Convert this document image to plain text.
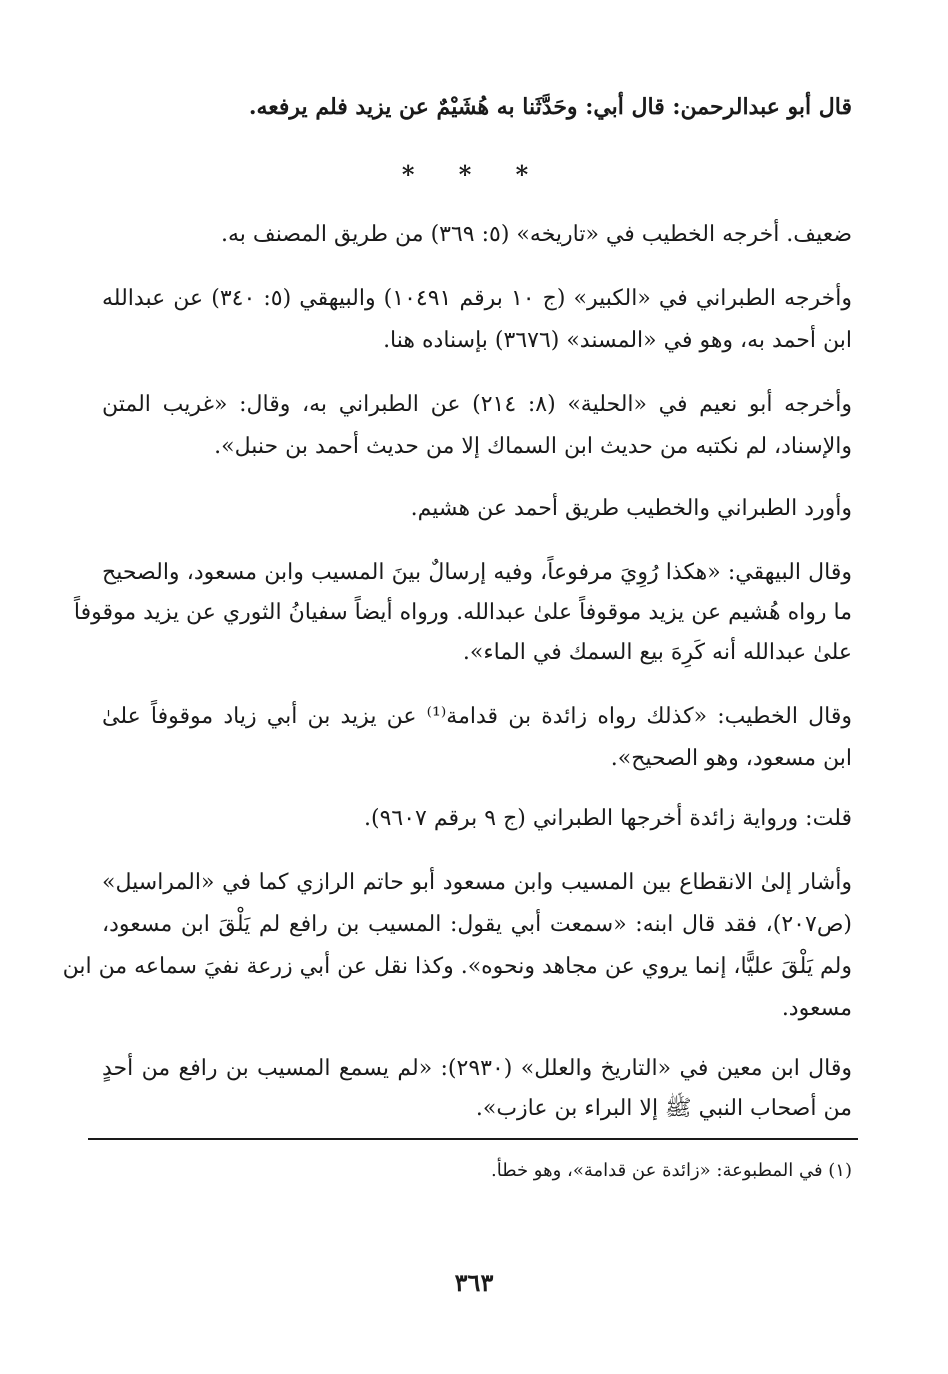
قال أبو عبدالرحمن: قال أبي: وحَدَّثَنا به هُشَيْمٌ عن يزيد فلم يرفعه.
* * *
ضعيف. أخرجه الخطيب في «تاريخه» (٥: ٣٦٩) من طريق المصنف به.
وأخرجه الطبراني في «الكبير» (ج ١٠ برقم ١٠٤٩١) والبيهقي (٥: ٣٤٠) عن عبدالله
ابن أحمد به، وهو في «المسند» (٣٦٧٦) بإسناده هنا.
وأخرجه أبو نعيم في «الحلية» (٨: ٢١٤) عن الطبراني به، وقال: «غريب المتن
والإسناد، لم نكتبه من حديث ابن السماك إلا من حديث أحمد بن حنبل».
وأورد الطبراني والخطيب طريق أحمد عن هشيم.
وقال البيهقي: «هكذا رُوِيَ مرفوعاً، وفيه إرسالٌ بينَ المسيب وابن مسعود، والصحيح
ما رواه هُشيم عن يزيد موقوفاً علىٰ عبدالله. ورواه أيضاً سفيانُ الثوري عن يزيد موقوفاً
علىٰ عبدالله أنه كَرِهَ بيع السمك في الماء».
وقال الخطيب: «كذلك رواه زائدة بن قدامة⁽¹⁾ عن يزيد بن أبي زياد موقوفاً علىٰ
ابن مسعود، وهو الصحيح».
قلت: ورواية زائدة أخرجها الطبراني (ج ٩ برقم ٩٦٠٧).
وأشار إلىٰ الانقطاع بين المسيب وابن مسعود أبو حاتم الرازي كما في «المراسيل»
(ص٢٠٧)، فقد قال ابنه: «سمعت أبي يقول: المسيب بن رافع لم يَلْقَ ابن مسعود،
ولم يَلْقَ عليًّا، إنما يروي عن مجاهد ونحوه». وكذا نقل عن أبي زرعة نفيَ سماعه من ابن
مسعود.
وقال ابن معين في «التاريخ والعلل» (٢٩٣٠): «لم يسمع المسيب بن رافع من أحدٍ
من أصحاب النبي ﷺ إلا البراء بن عازب».
(١) في المطبوعة: «زائدة عن قدامة»، وهو خطأ.
٣٦٣
